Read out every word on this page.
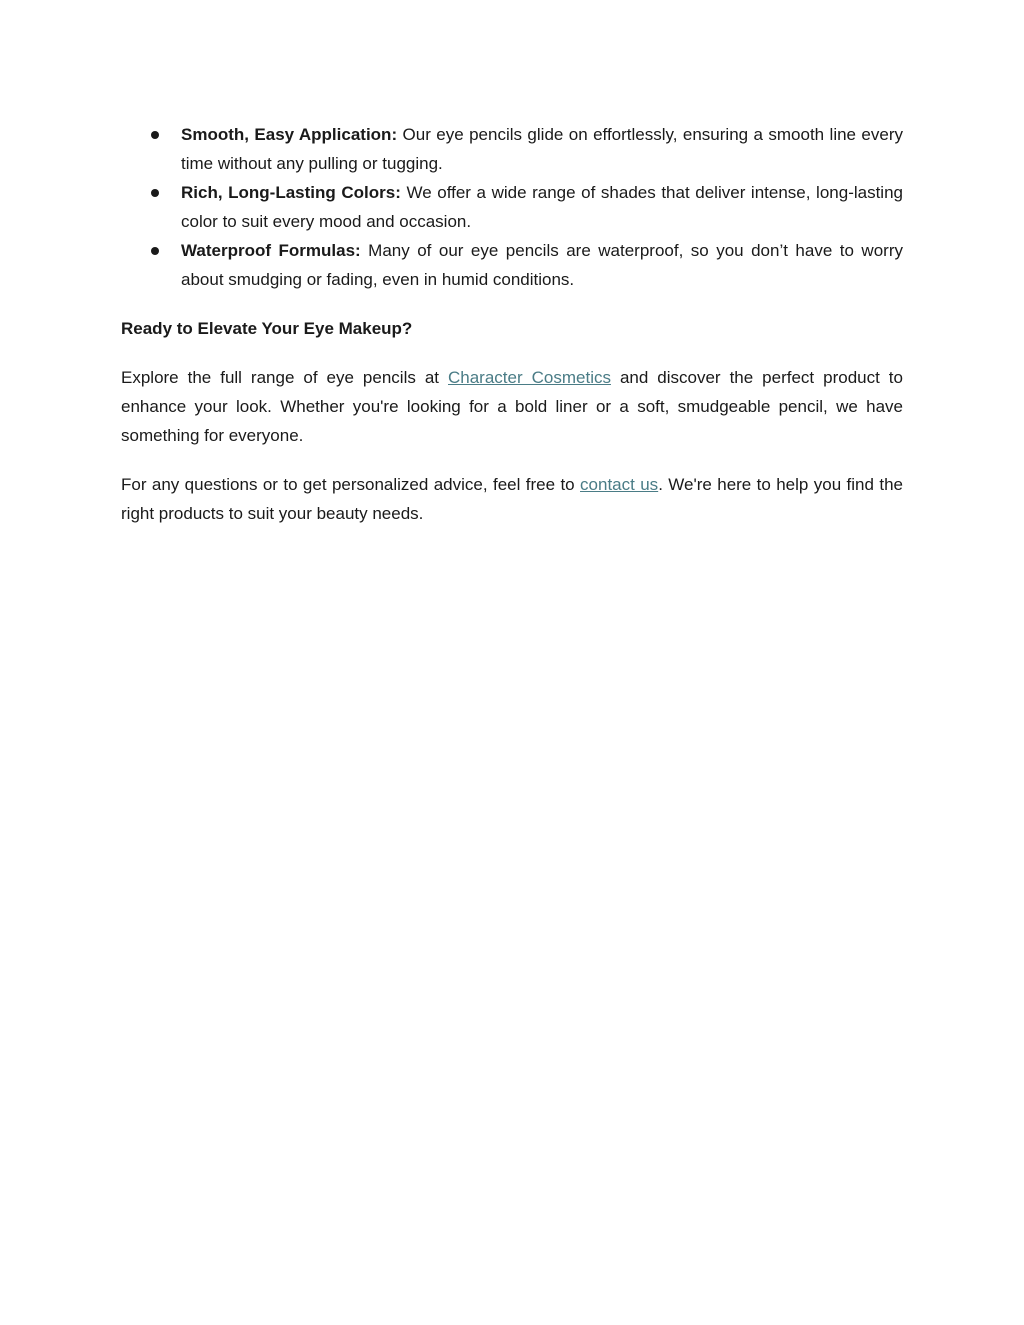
Smooth, Easy Application: Our eye pencils glide on effortlessly, ensuring a smooth line every time without any pulling or tugging.
Rich, Long-Lasting Colors: We offer a wide range of shades that deliver intense, long-lasting color to suit every mood and occasion.
Waterproof Formulas: Many of our eye pencils are waterproof, so you don’t have to worry about smudging or fading, even in humid conditions.
Ready to Elevate Your Eye Makeup?

Explore the full range of eye pencils at Character Cosmetics and discover the perfect product to enhance your look. Whether you're looking for a bold liner or a soft, smudgeable pencil, we have something for everyone.

For any questions or to get personalized advice, feel free to contact us. We're here to help you find the right products to suit your beauty needs.
